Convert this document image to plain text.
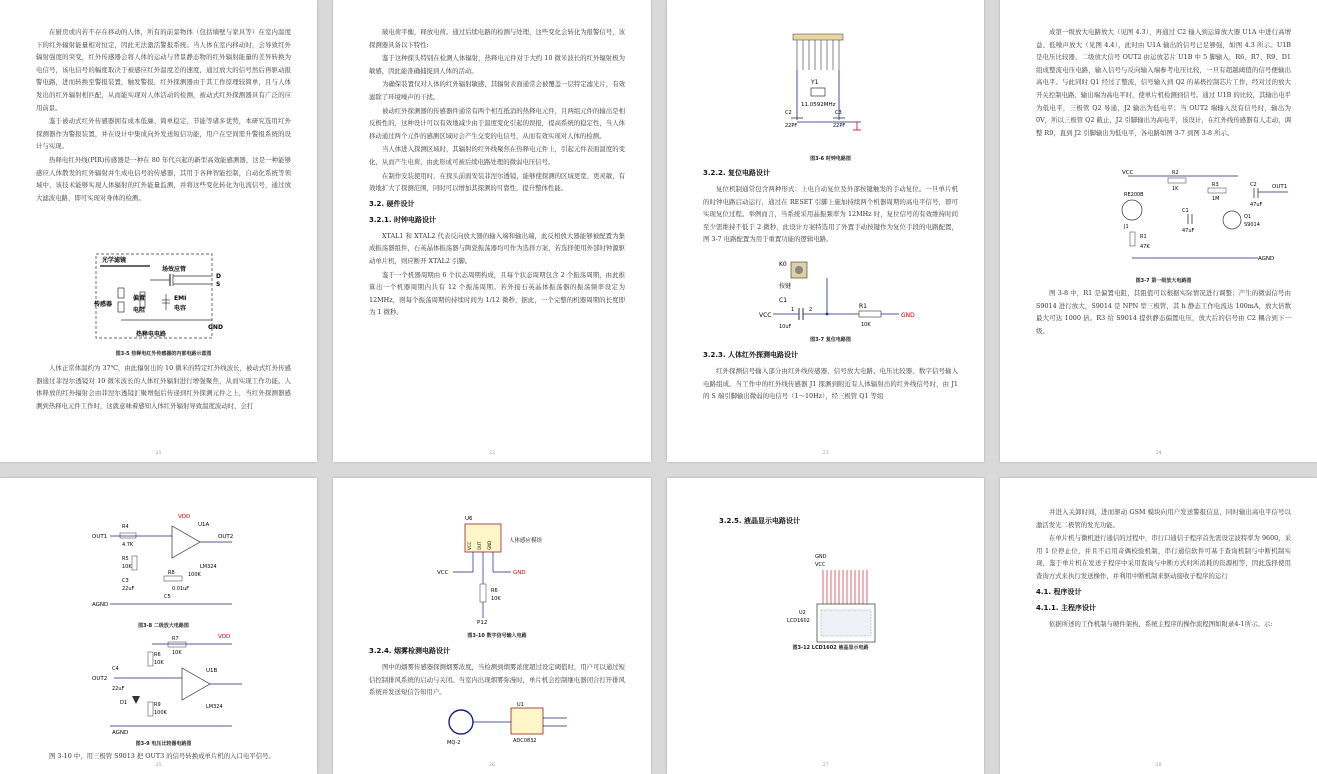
在厨房或内若不存在移动的人体，所有的前景物体（包括墙壁与家具等）在室内温度下的红外辐射能量相对恒定，因此无法激活警报系统。当人体在室内移动时，会导致红外辐射强度的突变，红外传感器会将人体的运动与背景静态物的红外辐射能量的差异转换为电信号，该电信号的幅度取决于被感应红外温度差的速度，通过放大的信号然后再驱动报警电路，进而转换至警报装置，触发警报，红外探测器由于其工作原理较简单，且与人体发出的红外辐射相匹配，从而能实现对人体活动的检测，被动式红外探测器具有广泛的应用前景。

鉴于被动式红外传感器拥有成本低廉、简单稳定、节能等诸多优势，本研究选用红外探测器作为警报装置，并在设计中集成向外发送短信功能，用户在空间需升警报系统的设计与实现。

热释电红外线(PIR)传感器是一种在 80 年代兴起的新型高效能感测器，这是一种能够感应人体散发的红外辐射并生成电信号的传感器，其用于各种智能控制，自动化系统等领域中，该技术能够实现人体辐射的红外能量监测，并将这些变化转化为电流信号，通过放大滤波电路，即可实现对身体的检测。

光学滤镜
场效应管
D
S
传感器
偏置
电阻
EMI
电容
GND
热释电电路
图3-5 热释电红外传感器的内部电路示意图

人体正常体温约为 37℃，由此辐射出的 10 微米的特定红外线波长，被动式红外传感器通过菲涅尔透镜对 10 微米波长的人体红外辐射进行增强聚焦，从而实现工作功能。人体释放的红外辐射会由菲涅尔透镜汇聚增强后传递到红外探测元件之上，当红外探测器感测到热释电元件工作时，这就意味着感知人体红外辐射导致温度波动时，会打

21

破电荷平衡，释放电荷。通过后续电路的检测与处理，这些变化会转化为报警信号，该探测器具备以下特性:

鉴于这种探头特别在检测人体辐射，热释电元件对于大约 10 微米波长的红外辐射极为敏感，因此能准确捕捉到人体的活动。

为确保装置仅对人体的红外辐射敏感，其辐射表面通常会被覆盖一层特定滤光片，有效滤除了环境噪声的干扰。

被动红外探测器的传感器件通常有两个相互抵消的热释电元件，且两组元件的输出是相反极性的，这种设计可以有效地减少由于温度变化引起的误报，提高系统的稳定性，当人体移动通过两个元件的感测区域时会产生交变的电信号，从而有效实现对人体的检测。

当人体进入探测区域时，其辐射的红外线聚焦在热释电元件上，引起元件表面温度的变化，从而产生电荷，由此形成可被后续电路处理的微弱电压信号。

在制作安装使用时，在探头前面安装菲涅尔透镜，能够使探测的区域更宽、更灵敏，有效地扩大了探测范围，同时可以增加其探测的可靠性，提升整体性能。

3.2. 硬件设计
3.2.1. 时钟电路设计

XTAL1 和 XTAL2 代表反向放大器的输入端和输出端，此反相放大器能够被配置为集成振荡器组件，石英晶体振荡器与陶瓷振荡器均可作为选择方案，若选择使用外部时钟源驱动单片机，则应断开 XTAL2 引脚。

鉴于一个机器周期由 6 个状态周期构成，且每个状态周期包含 2 个振荡周期，由此推算出一个机器周期内共有 12 个振荡周期。若外接石英晶体振荡器的振荡频率设定为 12MHz，则每个振荡周期的持续时间为 1/12 微秒，据此，一个完整的机器周期的长度即为 1 微秒。

22
Y1
11.0592MHz
C2	C3
22PF	22PF
图3-6 时钟电路图
3.2.2. 复位电路设计

复位机制通常包含两种形式：上电自动复位及外部按键触发的手动复位。一旦单片机的时钟电路启动运行，通过在 RESET 引脚上施加持续两个机器周期的高电平信号，即可实现复位过程。举例而言，当系统采用晶振频率为 12MHz 时，复位信号的有效维持时间至少需维持不低于 2 微秒，此设计方案特选用了外置手动按键作为复位手段的电路配置，图 3-7 电路配置为用于重置功能的逻辑电路。

K0
按键
C1
VCC
1	2
10uF
R1
10K
GND
图3-7 复位电路图
3.2.3. 人体红外探测电路设计

红外探测信号输入部分由红外线传感器、信号放大电路、电压比较器、数字信号输入电路组成。当工作中的红外线传感器 J1 探测到附近有人体辐射出的红外线信号时，由 J1 的 S 端引脚输出微弱的电信号（1～10Hz），经三极管 Q1 等组

23

成第一级放大电路放大（见图 4.3），再通过 C2 输入到运算放大器 U1A 中进行高增益、低噪声放大（见图 4.4），此时由 U1A 输出的信号已足够强，如图 4.3 所示。U1B 是电压比较器，二级放大信号 OUT2 由运放芯片 U1B 中 5 脚输入，R6、R7、R9、D1 组成整流电压电路，输入信号与反向输入端参考电压比较，一旦有超越阈值的信号便输出高电平。与此同时 Q1 经过了整流，信号输入到 Q2 的基极控制芯片工作，经对过的放大开关控制电路，输出端为高电平时，使单片机检测到信号。通过 U1B 的比较，其输出电平为低电平，三极管 Q2 导通，J2 输出为低电平；当 OUT2 端输入没有信号时，输出为 0V，所以三极管 Q2 截止，J2 引脚输出为高电平，该设计，在红外线传感器有人走动，调整 R9，直到 J2 引脚输出为低电平，各电路如图 3-7 到图 3-8 所示。

VCC	R2
1K
R3
1M
C2	OUT1
47uF
RE200B
J1
R1
47K
C1
47uF
Q1
S9014
AGND
图3-7 第一级放大电路图

图 3-8 中，R1 是偏置电阻，其阻值可以根据实际情况进行调整；产生的微弱信号由 S9014 进行放大，S9014 是 NPN 型三极管，其 h 静态工作电流达 100mA，放大倍数最大可达 1000 倍。R3 给 S9014 提供静态偏置电压，放大后的信号由 C2 耦合到下一级。

24
VDD
U1A
R4
OUT1
4.7K
OUT2
LM324
R5
10K
R8	100K
C3
22uF	0.01uF
C5
AGND
图3-8 二级放大电路图
VDD
R7
10K
R6
10K
C4
OUT2
22uF
U1B
LM324
D1	R9
100K
AGND
图3-9 电压比较器电路图

图 3-10 中，用三极管 S9013 把 OUT3 的信号转换成单片机的入口电平信号。

25
U6
VCC OUT GND	人体感应模组
VCC	GND
R6
10K
P12
图3-10 数字信号输入电路
3.2.4. 烟雾检测电路设计

图中的烟雾传感器探测烟雾浓度，当检测到烟雾浓度超过设定阈值时，用户可以通过短信控制排风系统的启动与关闭。当室内出现烟雾弥漫时，单片机会控制继电器闭合打开排风系统并发送短信告知用户。

MQ-2
U1
ADC0832
26
3.2.5. 液晶显示电路设计
GND
VCC
U2
LCD1602
图3-12 LCD1602 液晶显示电路
27

并进入关卸时间，进而驱动 GSM 模块向用户发送警报信息，同时输出高电平信号以激活发光二极管的发光功能。

在单片机与微机进行通信的过程中，串行口通信子程序首先需设定波特率为 9600，采用 1 位停止位，并且不启用奇偶校验机制，串行通信软件可基于查询机制与中断机制实现，鉴于单片机在发送子程序中采用查询与中断方式时所消耗的资源相等，因此选择使用查询方式来执行发送操作，并利用中断机制来驱动接收子程序的运行

4.1. 程序设计
4.1.1. 主程序设计

依据所述的工作机制与硬件架构，系统主程序的操作流程图如附录4-1所示。示:

28
